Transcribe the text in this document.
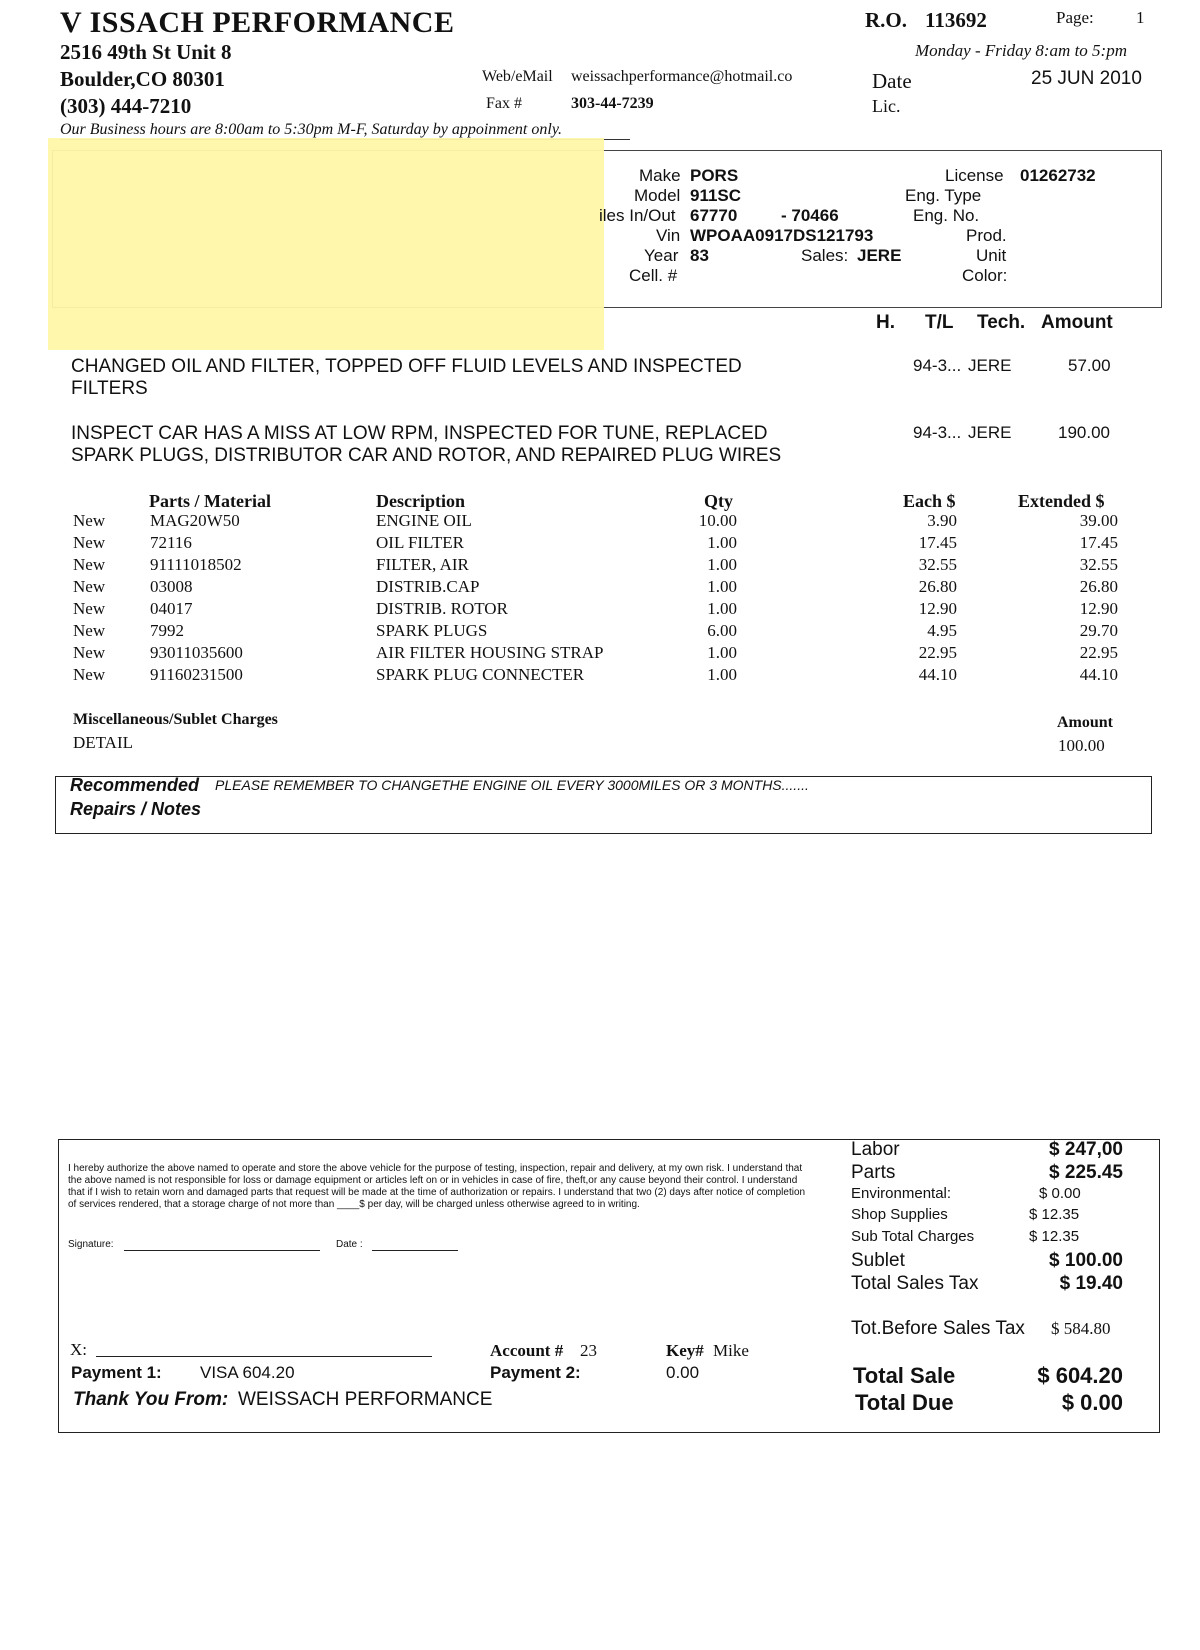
V ISSACH PERFORMANCE
2516 49th St Unit 8
Boulder,CO 80301
(303) 444-7210
Our Business hours are 8:00am to 5:30pm M-F, Saturday by appoinment only.
Web/eMail weissachperformance@hotmail.co
Fax #	303-44-7239
R.O. 113692	Page: 1
Monday - Friday 8:am to 5:pm
Date	25 JUN 2010
Lic.
Make PORS
Model 911SC
iles In/Out 67770	- 70466
Vin WPOAA0917DS121793
Year 83	Sales: JERE
Cell. #
License 01262732
Eng. Type
Eng. No.
Prod.
Unit
Color:
H. T/L Tech. Amount
CHANGED OIL AND FILTER, TOPPED OFF FLUID LEVELS AND INSPECTED
FILTERS
94-3... JERE	57.00
INSPECT CAR HAS A MISS AT LOW RPM, INSPECTED FOR TUNE, REPLACED
SPARK PLUGS, DISTRIBUTOR CAR AND ROTOR, AND REPAIRED PLUG WIRES
94-3... JERE	190.00
Parts / Material	Description	Qty	Each $	Extended $
New	MAG20W50	ENGINE OIL	10.00	3.90	39.00
New	72116	OIL FILTER	1.00	17.45	17.45
New	91111018502	FILTER, AIR	1.00	32.55	32.55
New	03008	DISTRIB.CAP	1.00	26.80	26.80
New	04017	DISTRIB. ROTOR	1.00	12.90	12.90
New	7992	SPARK PLUGS	6.00	4.95	29.70
New	93011035600	AIR FILTER HOUSING STRAP	1.00	22.95	22.95
New	91160231500	SPARK PLUG CONNECTER	1.00	44.10	44.10
Miscellaneous/Sublet Charges	Amount
DETAIL	100.00
Recommended PLEASE REMEMBER TO CHANGETHE ENGINE OIL EVERY 3000MILES OR 3 MONTHS.......
Repairs / Notes
I hereby authorize the above named to operate and store the above vehicle for the purpose of testing, inspection, repair and delivery, at my own risk. I understand that the above named is not responsible for loss or damage equipment or articles left on or in vehicles in case of fire, theft,or any cause beyond their control. I understand that if I wish to retain worn and damaged parts that request will be made at the time of authorization or repairs. I understand that two (2) days after notice of completion of services rendered, that a storage charge of not more than ____$ per day, will be charged unless otherwise agreed to in writing.
Signature:	Date :
X:	Account # 23	Key# Mike
Payment 1: VISA 604.20	Payment 2:	0.00
Thank You From: WEISSACH PERFORMANCE
Labor	$ 247,00
Parts	$ 225.45
Environmental:	$ 0.00
Shop Supplies	$ 12.35
Sub Total Charges	$ 12.35
Sublet	$ 100.00
Total Sales Tax	$ 19.40
Tot.Before Sales Tax $ 584.80
Total Sale	$ 604.20
Total Due	$ 0.00
